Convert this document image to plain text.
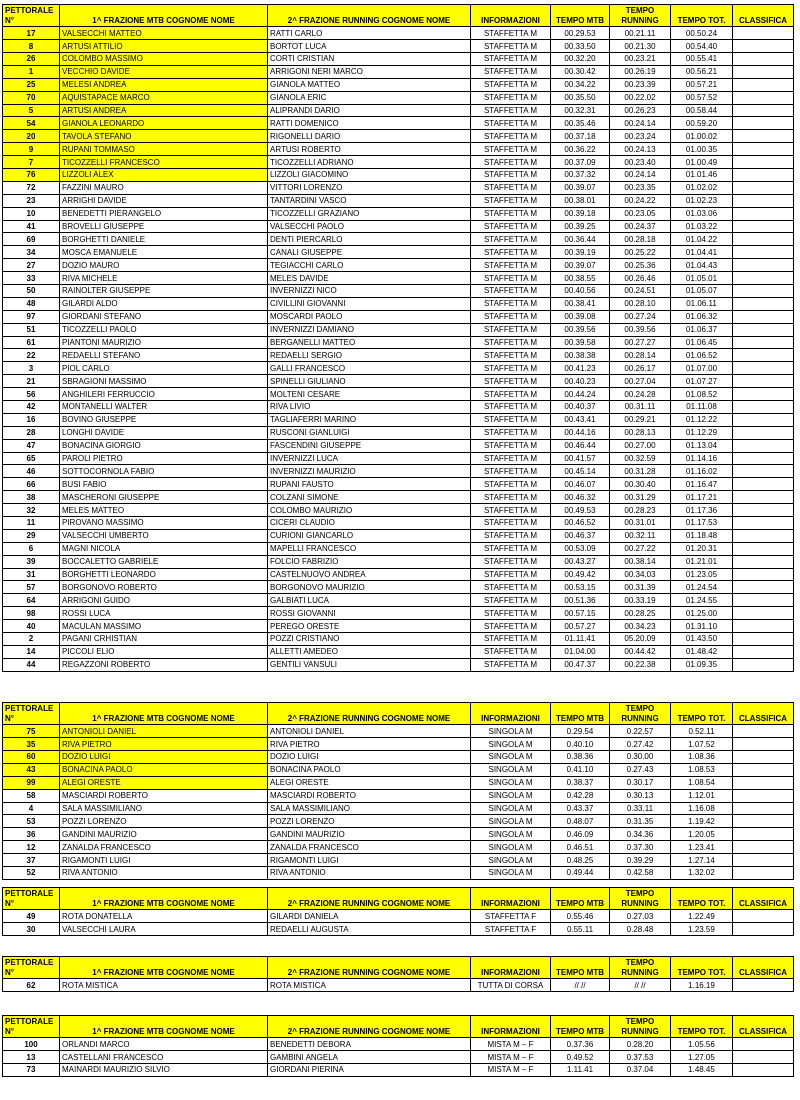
PETTORALE
N°	1^ FRAZIONE MTB COGNOME NOME	2^ FRAZIONE RUNNING COGNOME NOME	INFORMAZIONI	TEMPO MTB	TEMPO
RUNNING	TEMPO TOT.	CLASSIFICA
17	VALSECCHI MATTEO	RATTI CARLO	STAFFETTA M	00.29.53	00.21.11	00.50.24	
8	ARTUSI ATTILIO	BORTOT LUCA	STAFFETTA M	00.33.50	00.21.30	00.54.40	
26	COLOMBO MASSIMO	CORTI CRISTIAN	STAFFETTA M	00.32.20	00.23.21	00.55.41	
1	VECCHIO DAVIDE	ARRIGONI NERI MARCO	STAFFETTA M	00.30.42	00.26.19	00.56.21	
25	MELESI ANDREA	GIANOLA MATTEO	STAFFETTA M	00.34.22	00.23.39	00.57.21	
70	AQUISTAPACE MARCO	GIANOLA ERIC	STAFFETTA M	00.35.50	00.22.02	00.57.52	
5	ARTUSI ANDREA	ALIPRANDI DARIO	STAFFETTA M	00.32.31	00.26.23	00.58.44	
54	GIANOLA LEONARDO	RATTI DOMENICO	STAFFETTA M	00.35.46	00.24.14	00.59.20	
20	TAVOLA STEFANO	RIGONELLI DARIO	STAFFETTA M	00.37.18	00.23.24	01.00.02	
9	RUPANI TOMMASO	ARTUSI ROBERTO	STAFFETTA M	00.36.22	00.24.13	01.00.35	
7	TICOZZELLI FRANCESCO	TICOZZELLI ADRIANO	STAFFETTA M	00.37.09	00.23.40	01.00.49	
76	LIZZOLI ALEX	LIZZOLI GIACOMINO	STAFFETTA M	00.37.32	00.24.14	01.01.46	
72	FAZZINI MAURO	VITTORI LORENZO	STAFFETTA M	00.39.07	00.23.35	01.02.02	
23	ARRIGHI DAVIDE	TANTARDINI VASCO	STAFFETTA M	00.38.01	00.24.22	01.02.23	
10	BENEDETTI PIERANGELO	TICOZZELLI GRAZIANO	STAFFETTA M	00.39.18	00.23.05	01.03.06	
41	BROVELLI GIUSEPPE	VALSECCHI PAOLO	STAFFETTA M	00.39.25	00.24.37	01.03.22	
69	BORGHETTI DANIELE	DENTI PIERCARLO	STAFFETTA M	00.36.44	00.28.18	01.04.22	
34	MOSCA EMANUELE	CANALI GIUSEPPE	STAFFETTA M	00.39.19	00.25.22	01.04.41	
27	DOZIO MAURO	TEGIACCHI CARLO	STAFFETTA M	00.39.07	00.25.36	01.04.43	
33	RIVA MICHELE	MELES DAVIDE	STAFFETTA M	00.38.55	00.26.46	01.05.01	
50	RAINOLTER GIUSEPPE	INVERNIZZI NICO	STAFFETTA M	00.40.56	00.24.51	01.05.07	
48	GILARDI ALDO	CIVILLINI GIOVANNI	STAFFETTA M	00.38.41	00.28.10	01.06.11	
97	GIORDANI STEFANO	MOSCARDI PAOLO	STAFFETTA M	00.39.08	00.27.24	01.06.32	
51	TICOZZELLI PAOLO	INVERNIZZI DAMIANO	STAFFETTA M	00.39.56	00.39.56	01.06.37	
61	PIANTONI MAURIZIO	BERGANELLI MATTEO	STAFFETTA M	00.39.58	00.27.27	01.06.45	
22	REDAELLI STEFANO	REDAELLI SERGIO	STAFFETTA M	00.38.38	00.28.14	01.06.52	
3	PIOL CARLO	GALLI FRANCESCO	STAFFETTA M	00.41.23	00.26.17	01.07.00	
21	SBRAGIONI MASSIMO	SPINELLI GIULIANO	STAFFETTA M	00.40.23	00.27.04	01.07.27	
56	ANGHILERI FERRUCCIO	MOLTENI CESARE	STAFFETTA M	00.44.24	00.24.28	01.08.52	
42	MONTANELLI WALTER	RIVA LIVIO	STAFFETTA M	00.40.37	00.31.11	01.11.08	
16	BOVINO GIUSEPPE	TAGLIAFERRI MARINO	STAFFETTA M	00.43.41	00.29.21	01.12.22	
28	LONGHI DAVIDE	RUSCONI GIANLUIGI	STAFFETTA M	00.44.16	00.28.13	01.12.29	
47	BONACINA GIORGIO	FASCENDINI GIUSEPPE	STAFFETTA M	00.46.44	00.27.00	01.13.04	
65	PAROLI PIETRO	INVERNIZZI LUCA	STAFFETTA M	00.41.57	00.32.59	01.14.16	
46	SOTTOCORNOLA FABIO	INVERNIZZI MAURIZIO	STAFFETTA M	00.45.14	00.31.28	01.16.02	
66	BUSI FABIO	RUPANI FAUSTO	STAFFETTA M	00.46.07	00.30.40	01.16.47	
38	MASCHERONI GIUSEPPE	COLZANI SIMONE	STAFFETTA M	00.46.32	00.31.29	01.17.21	
32	MELES MATTEO	COLOMBO MAURIZIO	STAFFETTA M	00.49.53	00.28.23	01.17.36	
11	PIROVANO MASSIMO	CICERI CLAUDIO	STAFFETTA M	00.46.52	00.31.01	01.17.53	
29	VALSECCHI UMBERTO	CURIONI GIANCARLO	STAFFETTA M	00.46.37	00.32.11	01.18.48	
6	MAGNI NICOLA	MAPELLI FRANCESCO	STAFFETTA M	00.53.09	00.27.22	01.20.31	
39	BOCCALETTO GABRIELE	FOLCIO FABRIZIO	STAFFETTA M	00.43.27	00.38.14	01.21.01	
31	BORGHETTI LEONARDO	CASTELNUOVO ANDREA	STAFFETTA M	00.49.42	00.34.03	01.23.05	
57	BORGONOVO ROBERTO	BORGONOVO MAURIZIO	STAFFETTA M	00.53.15	00.31.39	01.24.54	
64	ARRIGONI GUIDO	GALBIATI LUCA	STAFFETTA M	00.51.36	00.33.19	01.24.55	
98	ROSSI LUCA	ROSSI GIOVANNI	STAFFETTA M	00.57.15	00.28.25	01.25.00	
40	MACULAN MASSIMO	PEREGO ORESTE	STAFFETTA M	00.57.27	00.34.23	01.31.10	
2	PAGANI CRHISTIAN	POZZI CRISTIANO	STAFFETTA M	01.11.41	05.20.09	01.43.50	
14	PICCOLI ELIO	ALLETTI AMEDEO	STAFFETTA M	01.04.00	00.44.42	01.48.42	
44	REGAZZONI ROBERTO	GENTILI VANSULI	STAFFETTA M	00.47.37	00.22.38	01.09.35	
PETTORALE
N°	1^ FRAZIONE MTB COGNOME NOME	2^ FRAZIONE RUNNING COGNOME NOME	INFORMAZIONI	TEMPO MTB	TEMPO
RUNNING	TEMPO TOT.	CLASSIFICA
75	ANTONIOLI DANIEL	ANTONIOLI DANIEL	SINGOLA M	0.29.54	0.22.57	0.52.11	
35	RIVA PIETRO	RIVA PIETRO	SINGOLA M	0.40.10	0.27.42	1.07.52	
60	DOZIO LUIGI	DOZIO LUIGI	SINGOLA M	0.38.36	0.30.00	1.08.36	
43	BONACINA PAOLO	BONACINA PAOLO	SINGOLA M	0.41.10	0.27.43	1.08.53	
99	ALEGI ORESTE	ALEGI ORESTE	SINGOLA M	0.38.37	0.30.17	1.08.54	
58	MASCIARDI ROBERTO	MASCIARDI ROBERTO	SINGOLA M	0.42.28	0.30.13	1.12.01	
4	SALA MASSIMILIANO	SALA MASSIMILIANO	SINGOLA M	0.43.37	0.33.11	1.16.08	
53	POZZI LORENZO	POZZI LORENZO	SINGOLA M	0.48.07	0.31.35	1.19.42	
36	GANDINI MAURIZIO	GANDINI MAURIZIO	SINGOLA M	0.46.09	0.34.36	1.20.05	
12	ZANALDA FRANCESCO	ZANALDA FRANCESCO	SINGOLA M	0.46.51	0.37.30	1.23.41	
37	RIGAMONTI LUIGI	RIGAMONTI LUIGI	SINGOLA M	0.48.25	0.39.29	1.27.14	
52	RIVA ANTONIO	RIVA ANTONIO	SINGOLA M	0.49.44	0.42.58	1.32.02	
PETTORALE
N°	1^ FRAZIONE MTB COGNOME NOME	2^ FRAZIONE RUNNING COGNOME NOME	INFORMAZIONI	TEMPO MTB	TEMPO
RUNNING	TEMPO TOT.	CLASSIFICA
49	ROTA DONATELLA	GILARDI DANIELA	STAFFETTA F	0.55.46	0.27.03	1.22.49	
30	VALSECCHI LAURA	REDAELLI AUGUSTA	STAFFETTA F	0.55.11	0.28.48	1.23.59	
PETTORALE
N°	1^ FRAZIONE MTB COGNOME NOME	2^ FRAZIONE RUNNING COGNOME NOME	INFORMAZIONI	TEMPO MTB	TEMPO
RUNNING	TEMPO TOT.	CLASSIFICA
62	ROTA MISTICA	ROTA MISTICA	TUTTA DI CORSA	// //	// //	1.16.19	
PETTORALE
N°	1^ FRAZIONE MTB COGNOME NOME	2^ FRAZIONE RUNNING COGNOME NOME	INFORMAZIONI	TEMPO MTB	TEMPO
RUNNING	TEMPO TOT.	CLASSIFICA
100	ORLANDI MARCO	BENEDETTI DEBORA	MISTA M – F	0.37.36	0.28.20	1.05.56	
13	CASTELLANI FRANCESCO	GAMBINI ANGELA	MISTA M – F	0.49.52	0.37.53	1.27.05	
73	MAINARDI MAURIZIO SILVIO	GIORDANI PIERINA	MISTA M – F	1.11.41	0.37.04	1.48.45	
